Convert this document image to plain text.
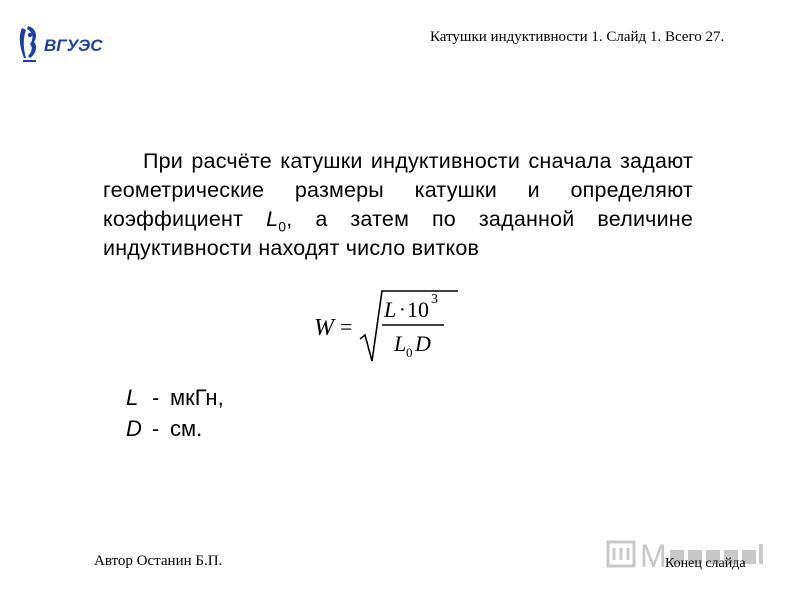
ВГУЭС	Катушки индуктивности 1. Слайд 1. Всего 27.
При расчёте катушки индуктивности сначала задают геометрические размеры катушки и определяют коэффициент $L_0$, а затем по заданной величине индуктивности находят число витков
W =
L · 10 3
L 0 D
L - мкГн,
D - см.
Автор Останин Б.П.	M
Конец слайда
